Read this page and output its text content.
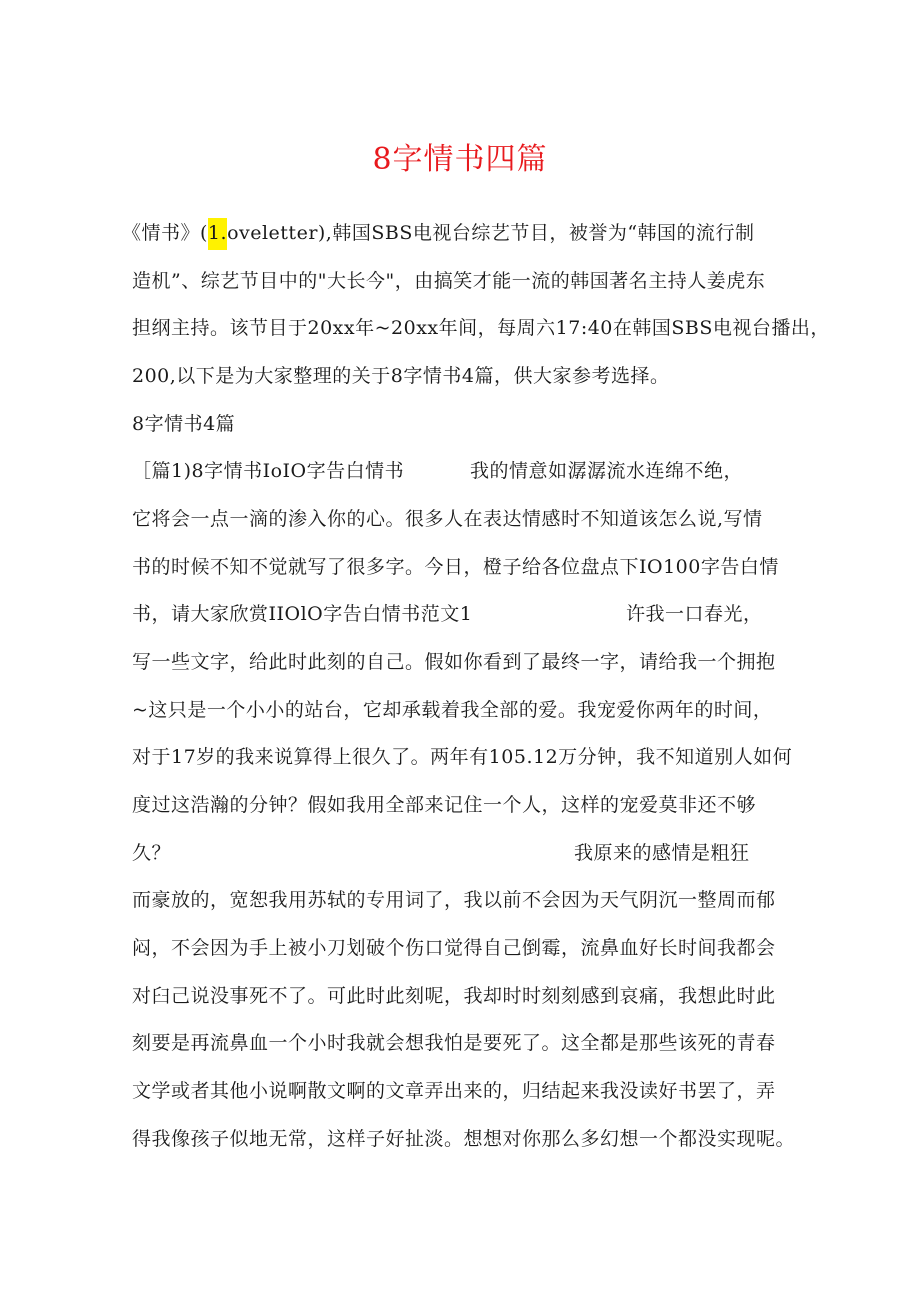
8字情书四篇
《情书》(1.oveletter),韩国SBS电视台综艺节目，被誉为“韩国的流行制
造机”、综艺节目中的"大长今"，由搞笑才能一流的韩国著名主持人姜虎东
担纲主持。该节目于20xx年~20xx年间，每周六17:40在韩国SBS电视台播出，
200,以下是为大家整理的关于8字情书4篇，供大家参考选择。
8字情书4篇
［篇1)8字情书IoIO字告白情书	我的情意如潺潺流水连绵不绝，
它将会一点一滴的渗入你的心。很多人在表达情感时不知道该怎么说,写情
书的时候不知不觉就写了很多字。今日，橙子给各位盘点下IO100字告白情
书，请大家欣赏IIOlO字告白情书范文1	许我一口春光，
写一些文字，给此时此刻的自己。假如你看到了最终一字，请给我一个拥抱
~这只是一个小小的站台，它却承载着我全部的爱。我宠爱你两年的时间，
对于17岁的我来说算得上很久了。两年有105.12万分钟，我不知道别人如何
度过这浩瀚的分钟？假如我用全部来记住一个人，这样的宠爱莫非还不够
久？	我原来的感情是粗狂
而豪放的，宽恕我用苏轼的专用词了，我以前不会因为天气阴沉一整周而郁
闷，不会因为手上被小刀划破个伤口觉得自己倒霉，流鼻血好长时间我都会
对臼己说没事死不了。可此时此刻呢，我却时时刻刻感到哀痛，我想此时此
刻要是再流鼻血一个小时我就会想我怕是要死了。这全都是那些该死的青春
文学或者其他小说啊散文啊的文章弄出来的，归结起来我没读好书罢了，弄
得我像孩子似地无常，这样子好扯淡。想想对你那么多幻想一个都没实现呢。
